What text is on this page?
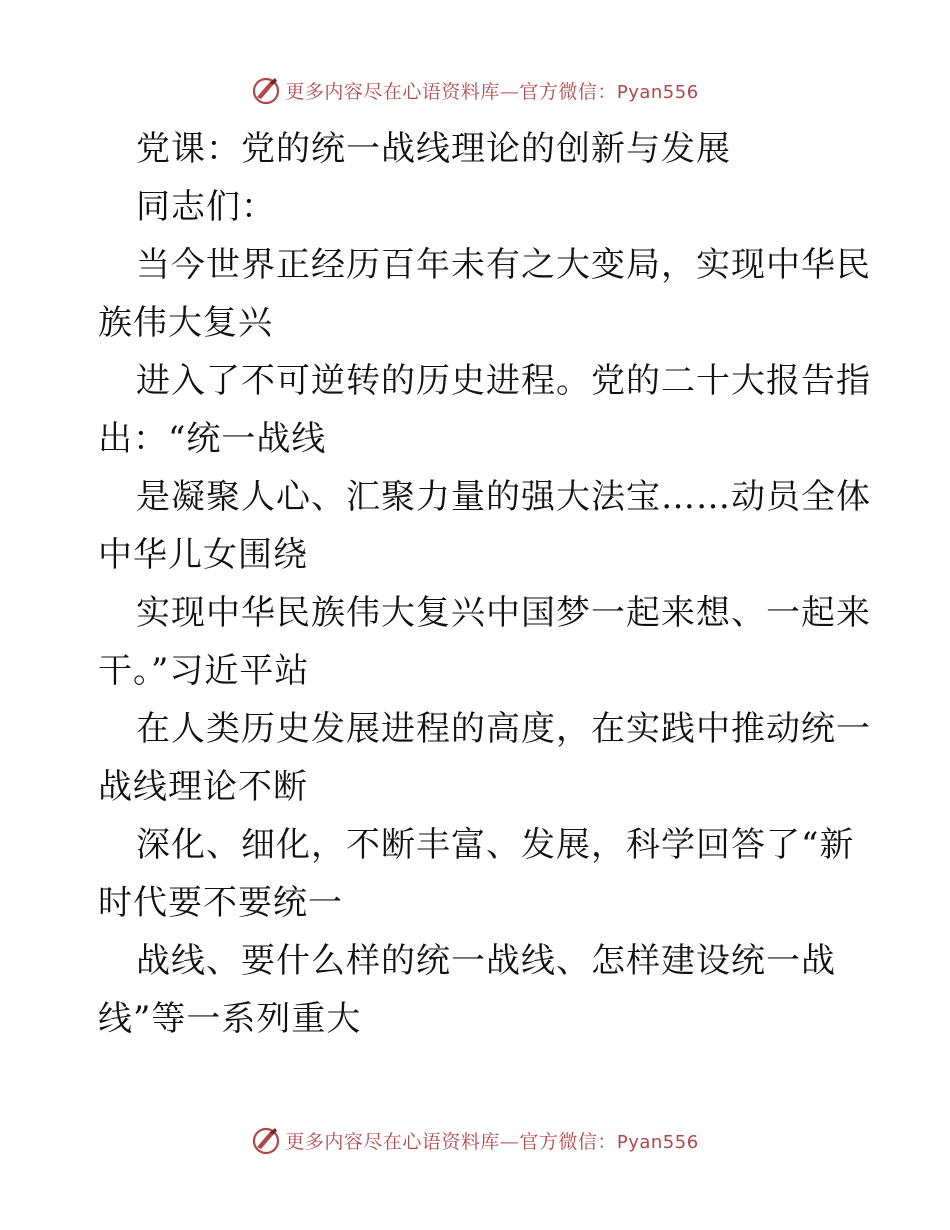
更多内容尽在心语资料库—官方微信：Pyan556
党课：党的统一战线理论的创新与发展
同志们：
当今世界正经历百年未有之大变局，实现中华民
族伟大复兴
进入了不可逆转的历史进程。党的二十大报告指
出：“统一战线
是凝聚人心、汇聚力量的强大法宝……动员全体
中华儿女围绕
实现中华民族伟大复兴中国梦一起来想、一起来
干。”习近平站
在人类历史发展进程的高度，在实践中推动统一
战线理论不断
深化、细化，不断丰富、发展，科学回答了“新
时代要不要统一
战线、要什么样的统一战线、怎样建设统一战
线”等一系列重大
更多内容尽在心语资料库—官方微信：Pyan556
